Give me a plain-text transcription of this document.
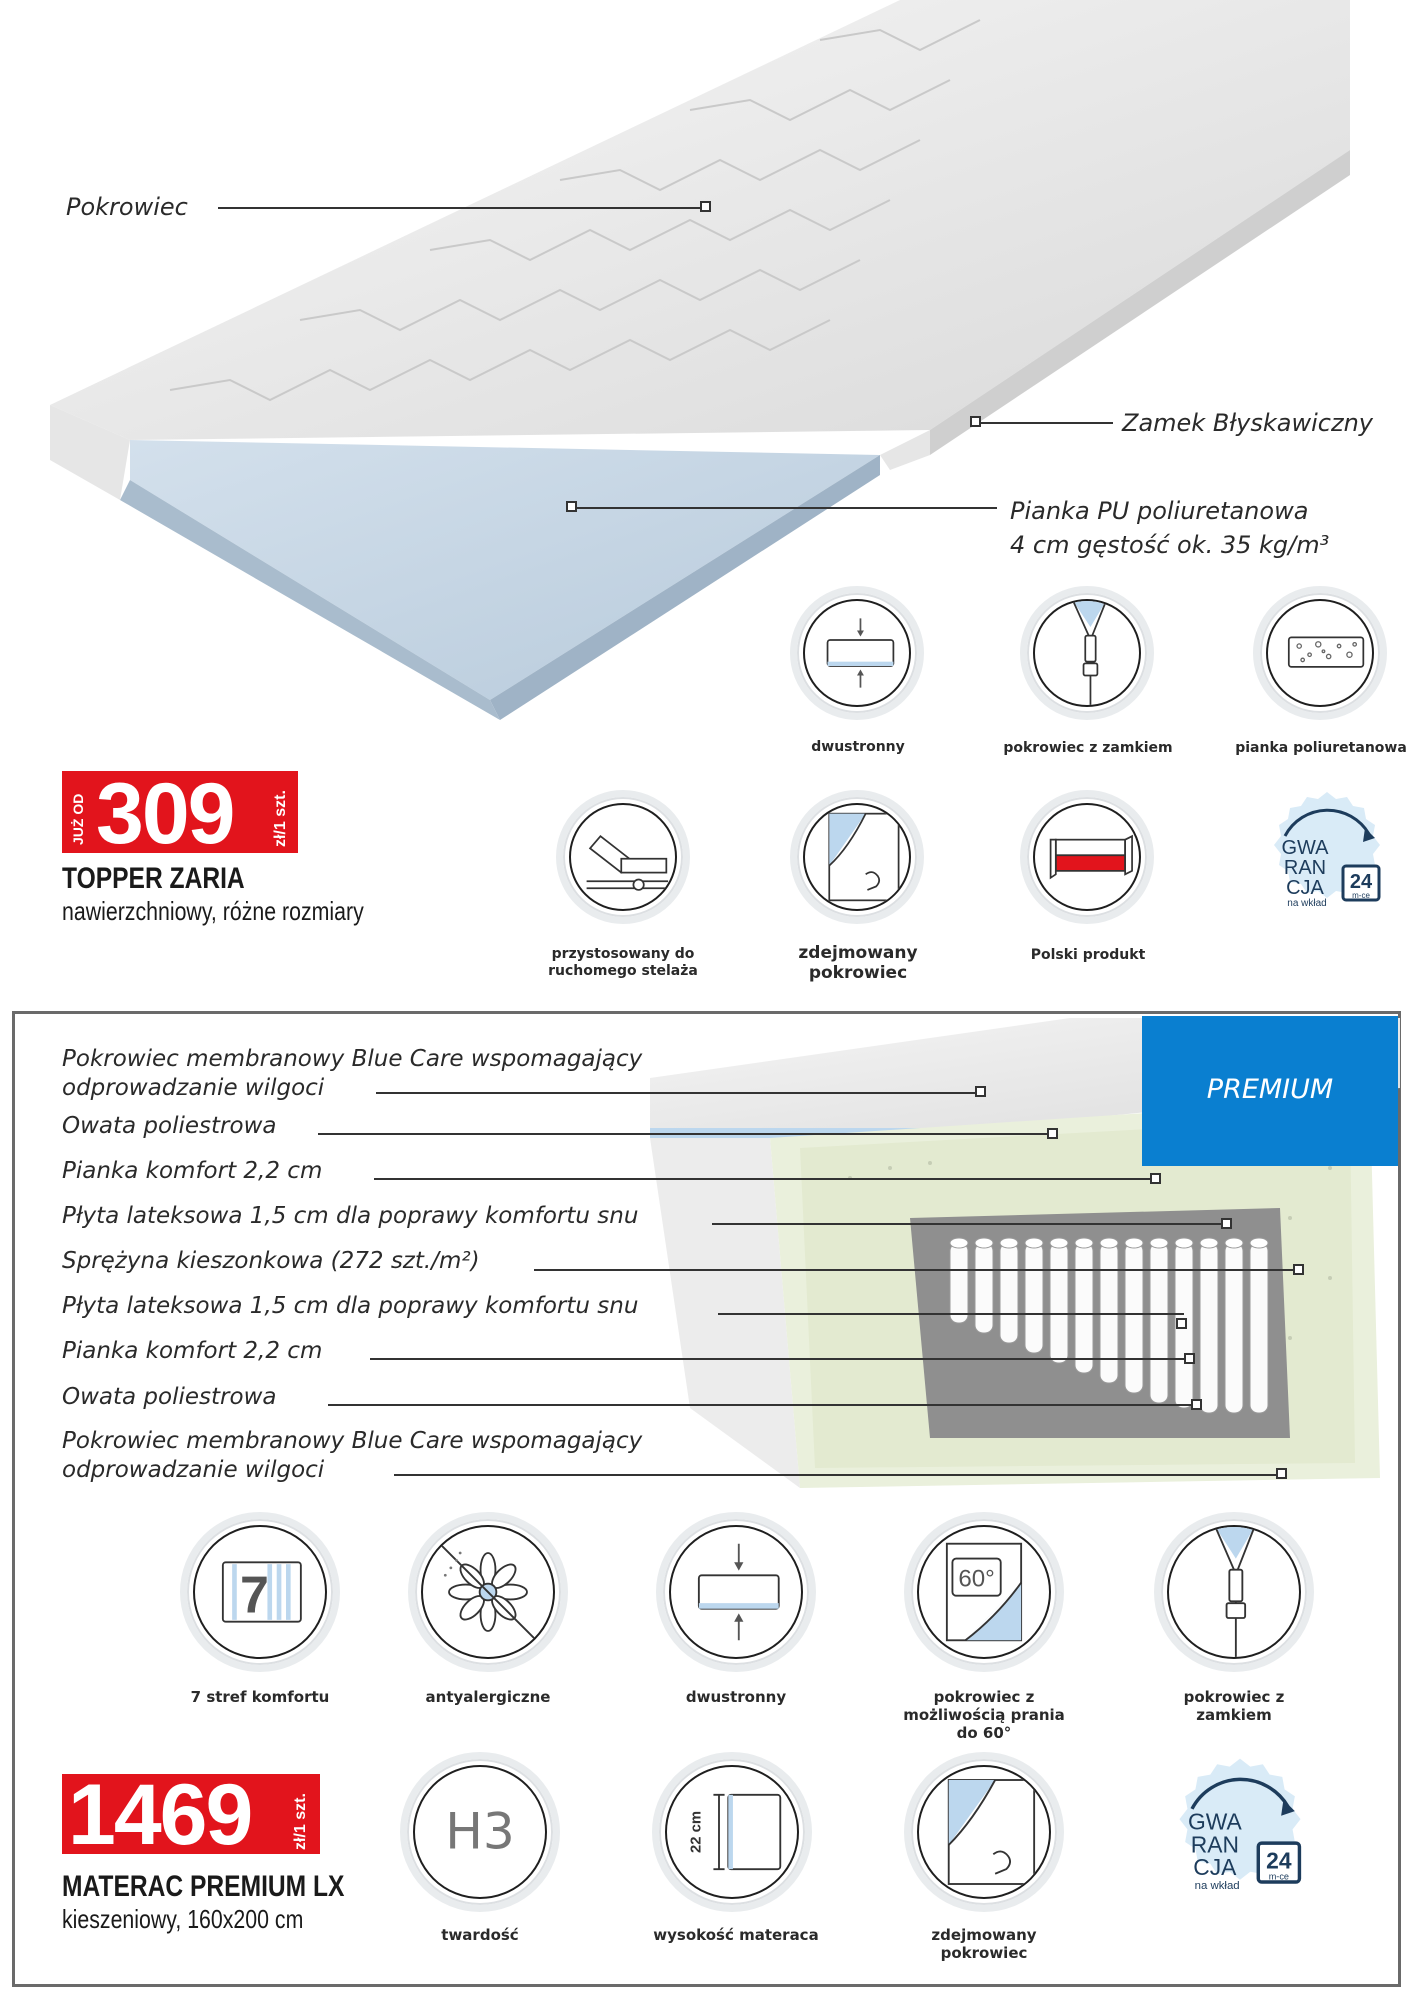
Pokrowiec
Zamek Błyskawiczny
Pianka PU poliuretanowa
4 cm gęstość ok. 35 kg/m³
dwustronny	pokrowiec z zamkiem	pianka poliuretanowa
przystosowany do ruchomego stelaża
zdejmowany pokrowiec
Polski produkt
GWA
RAN
CJA
na wkład
24
m-ce
JUŻ OD 309 zł/1 szt.
TOPPER ZARIA
nawierzchniowy, różne rozmiary
PREMIUM
Pokrowiec membranowy Blue Care wspomagający
odprowadzanie wilgoci
Owata poliestrowa
Pianka komfort 2,2 cm
Płyta lateksowa 1,5 cm dla poprawy komfortu snu
Sprężyna kieszonkowa (272 szt./m²)
Płyta lateksowa 1,5 cm dla poprawy komfortu snu
Pianka komfort 2,2 cm
Owata poliestrowa
Pokrowiec membranowy Blue Care wspomagający
odprowadzanie wilgoci
7
7 stref komfortu	antyalergiczne	dwustronny
60°
pokrowiec z możliwością prania do 60°
pokrowiec z zamkiem
H3
twardość
22 cm
wysokość materaca	zdejmowany pokrowiec
GWA
RAN
CJA
na wkład
24
m-ce
1469	zł/1 szt.
MATERAC PREMIUM LX
kieszeniowy, 160x200 cm
